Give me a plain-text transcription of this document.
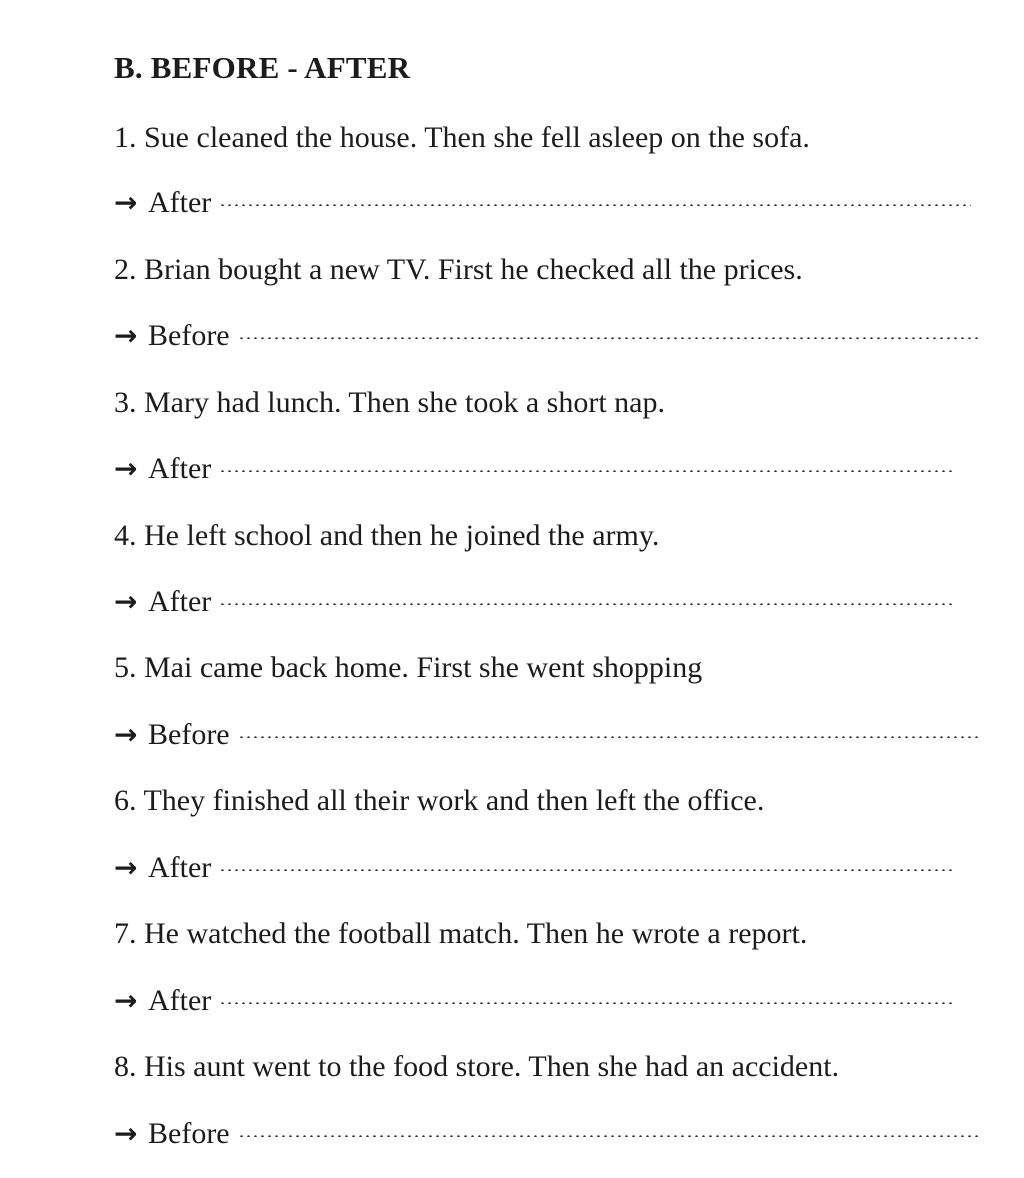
B. BEFORE - AFTER
1. Sue cleaned the house. Then she fell asleep on the sofa.
→ After
2. Brian bought a new TV. First he checked all the prices.
→ Before
3. Mary had lunch. Then she took a short nap.
→ After
4. He left school and then he joined the army.
→ After
5. Mai came back home. First she went shopping
→ Before
6. They finished all their work and then left the office.
→ After
7. He watched the football match. Then he wrote a report.
→ After
8. His aunt went to the food store. Then she had an accident.
→ Before
